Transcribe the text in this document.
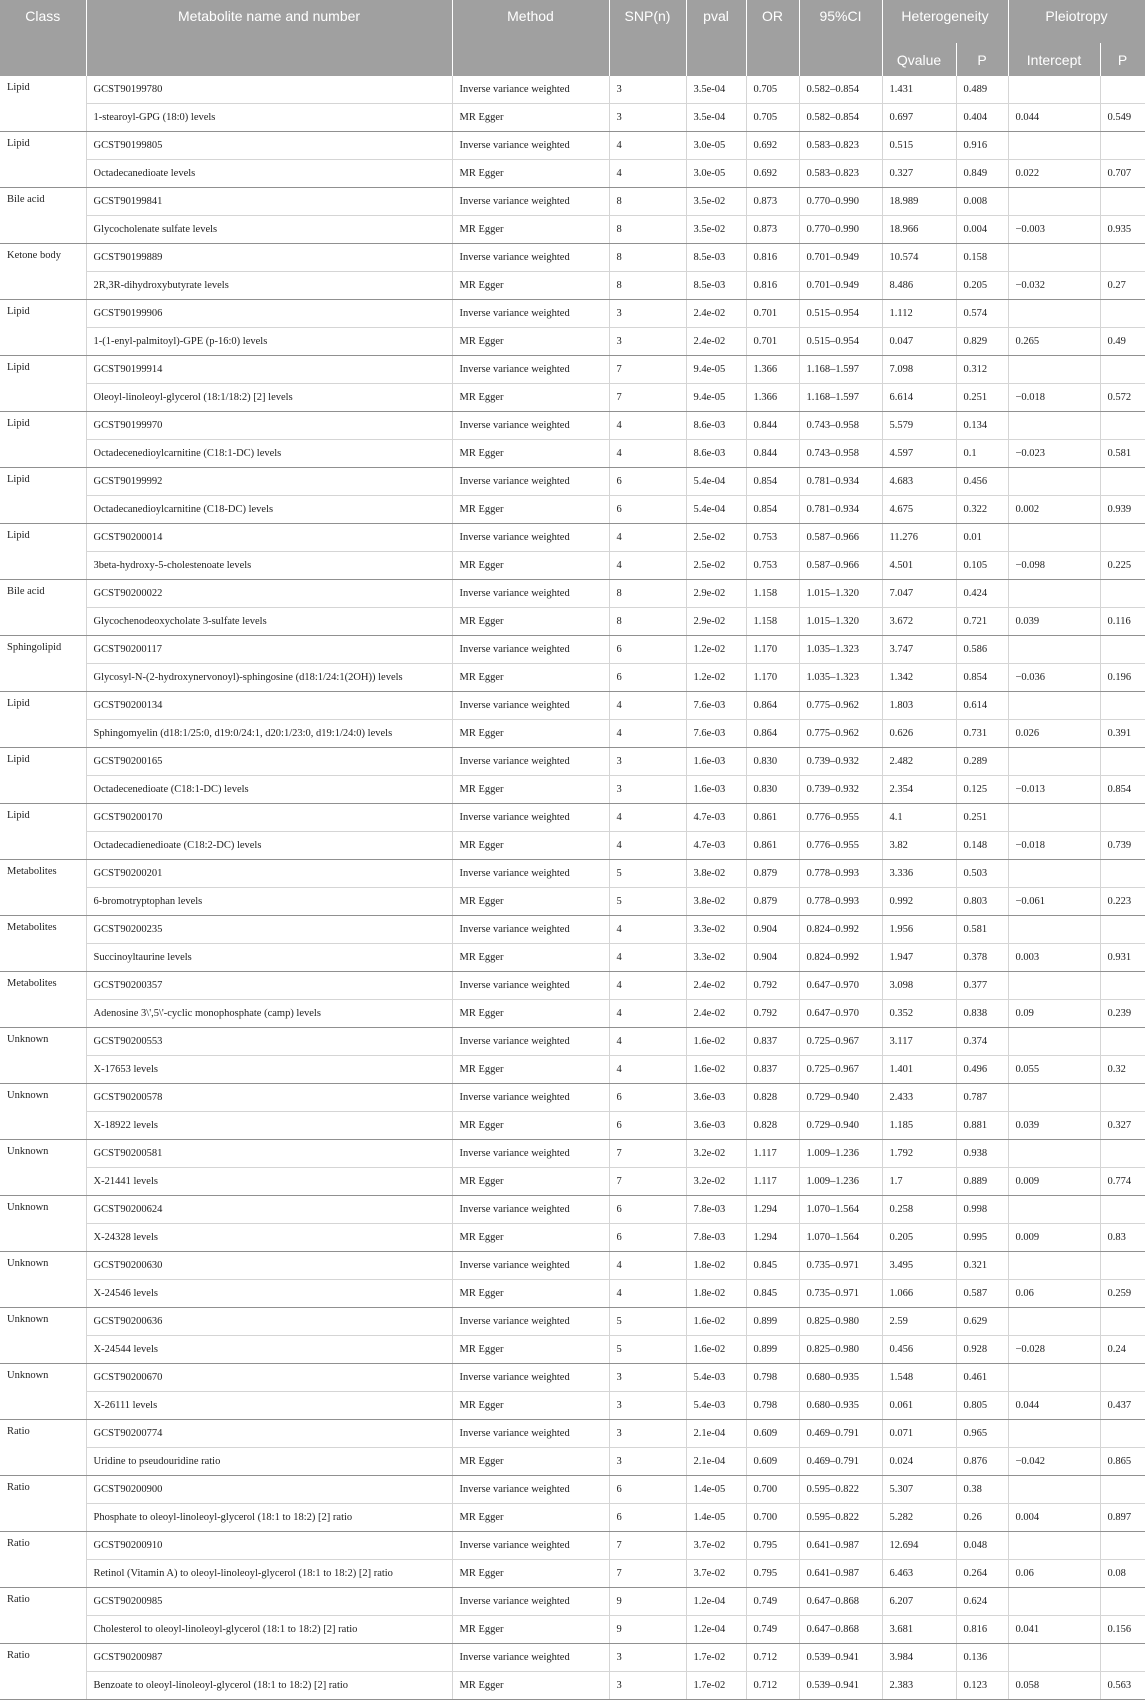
Class	Metabolite name and number	Method	SNP(n)	pval	OR	95%CI	Heterogeneity		Pleiotropy	
							Qvalue	P	Intercept	P
Lipid	GCST90199780	Inverse variance weighted	3	3.5e-04	0.705	0.582–0.854	1.431	0.489		
	1-stearoyl-GPG (18:0) levels	MR Egger	3	3.5e-04	0.705	0.582–0.854	0.697	0.404	0.044	0.549
Lipid	GCST90199805	Inverse variance weighted	4	3.0e-05	0.692	0.583–0.823	0.515	0.916		
	Octadecanedioate levels	MR Egger	4	3.0e-05	0.692	0.583–0.823	0.327	0.849	0.022	0.707
Bile acid	GCST90199841	Inverse variance weighted	8	3.5e-02	0.873	0.770–0.990	18.989	0.008		
	Glycocholenate sulfate levels	MR Egger	8	3.5e-02	0.873	0.770–0.990	18.966	0.004	−0.003	0.935
Ketone body	GCST90199889	Inverse variance weighted	8	8.5e-03	0.816	0.701–0.949	10.574	0.158		
	2R,3R-dihydroxybutyrate levels	MR Egger	8	8.5e-03	0.816	0.701–0.949	8.486	0.205	−0.032	0.27
Lipid	GCST90199906	Inverse variance weighted	3	2.4e-02	0.701	0.515–0.954	1.112	0.574		
	1-(1-enyl-palmitoyl)-GPE (p-16:0) levels	MR Egger	3	2.4e-02	0.701	0.515–0.954	0.047	0.829	0.265	0.49
Lipid	GCST90199914	Inverse variance weighted	7	9.4e-05	1.366	1.168–1.597	7.098	0.312		
	Oleoyl-linoleoyl-glycerol (18:1/18:2) [2] levels	MR Egger	7	9.4e-05	1.366	1.168–1.597	6.614	0.251	−0.018	0.572
Lipid	GCST90199970	Inverse variance weighted	4	8.6e-03	0.844	0.743–0.958	5.579	0.134		
	Octadecenedioylcarnitine (C18:1-DC) levels	MR Egger	4	8.6e-03	0.844	0.743–0.958	4.597	0.1	−0.023	0.581
Lipid	GCST90199992	Inverse variance weighted	6	5.4e-04	0.854	0.781–0.934	4.683	0.456		
	Octadecanedioylcarnitine (C18-DC) levels	MR Egger	6	5.4e-04	0.854	0.781–0.934	4.675	0.322	0.002	0.939
Lipid	GCST90200014	Inverse variance weighted	4	2.5e-02	0.753	0.587–0.966	11.276	0.01		
	3beta-hydroxy-5-cholestenoate levels	MR Egger	4	2.5e-02	0.753	0.587–0.966	4.501	0.105	−0.098	0.225
Bile acid	GCST90200022	Inverse variance weighted	8	2.9e-02	1.158	1.015–1.320	7.047	0.424		
	Glycochenodeoxycholate 3-sulfate levels	MR Egger	8	2.9e-02	1.158	1.015–1.320	3.672	0.721	0.039	0.116
Sphingolipid	GCST90200117	Inverse variance weighted	6	1.2e-02	1.170	1.035–1.323	3.747	0.586		
	Glycosyl-N-(2-hydroxynervonoyl)-sphingosine (d18:1/24:1(2OH)) levels	MR Egger	6	1.2e-02	1.170	1.035–1.323	1.342	0.854	−0.036	0.196
Lipid	GCST90200134	Inverse variance weighted	4	7.6e-03	0.864	0.775–0.962	1.803	0.614		
	Sphingomyelin (d18:1/25:0, d19:0/24:1, d20:1/23:0, d19:1/24:0) levels	MR Egger	4	7.6e-03	0.864	0.775–0.962	0.626	0.731	0.026	0.391
Lipid	GCST90200165	Inverse variance weighted	3	1.6e-03	0.830	0.739–0.932	2.482	0.289		
	Octadecenedioate (C18:1-DC) levels	MR Egger	3	1.6e-03	0.830	0.739–0.932	2.354	0.125	−0.013	0.854
Lipid	GCST90200170	Inverse variance weighted	4	4.7e-03	0.861	0.776–0.955	4.1	0.251		
	Octadecadienedioate (C18:2-DC) levels	MR Egger	4	4.7e-03	0.861	0.776–0.955	3.82	0.148	−0.018	0.739
Metabolites	GCST90200201	Inverse variance weighted	5	3.8e-02	0.879	0.778–0.993	3.336	0.503		
	6-bromotryptophan levels	MR Egger	5	3.8e-02	0.879	0.778–0.993	0.992	0.803	−0.061	0.223
Metabolites	GCST90200235	Inverse variance weighted	4	3.3e-02	0.904	0.824–0.992	1.956	0.581		
	Succinoyltaurine levels	MR Egger	4	3.3e-02	0.904	0.824–0.992	1.947	0.378	0.003	0.931
Metabolites	GCST90200357	Inverse variance weighted	4	2.4e-02	0.792	0.647–0.970	3.098	0.377		
	Adenosine 3\',5\'-cyclic monophosphate (camp) levels	MR Egger	4	2.4e-02	0.792	0.647–0.970	0.352	0.838	0.09	0.239
Unknown	GCST90200553	Inverse variance weighted	4	1.6e-02	0.837	0.725–0.967	3.117	0.374		
	X-17653 levels	MR Egger	4	1.6e-02	0.837	0.725–0.967	1.401	0.496	0.055	0.32
Unknown	GCST90200578	Inverse variance weighted	6	3.6e-03	0.828	0.729–0.940	2.433	0.787		
	X-18922 levels	MR Egger	6	3.6e-03	0.828	0.729–0.940	1.185	0.881	0.039	0.327
Unknown	GCST90200581	Inverse variance weighted	7	3.2e-02	1.117	1.009–1.236	1.792	0.938		
	X-21441 levels	MR Egger	7	3.2e-02	1.117	1.009–1.236	1.7	0.889	0.009	0.774
Unknown	GCST90200624	Inverse variance weighted	6	7.8e-03	1.294	1.070–1.564	0.258	0.998		
	X-24328 levels	MR Egger	6	7.8e-03	1.294	1.070–1.564	0.205	0.995	0.009	0.83
Unknown	GCST90200630	Inverse variance weighted	4	1.8e-02	0.845	0.735–0.971	3.495	0.321		
	X-24546 levels	MR Egger	4	1.8e-02	0.845	0.735–0.971	1.066	0.587	0.06	0.259
Unknown	GCST90200636	Inverse variance weighted	5	1.6e-02	0.899	0.825–0.980	2.59	0.629		
	X-24544 levels	MR Egger	5	1.6e-02	0.899	0.825–0.980	0.456	0.928	−0.028	0.24
Unknown	GCST90200670	Inverse variance weighted	3	5.4e-03	0.798	0.680–0.935	1.548	0.461		
	X-26111 levels	MR Egger	3	5.4e-03	0.798	0.680–0.935	0.061	0.805	0.044	0.437
Ratio	GCST90200774	Inverse variance weighted	3	2.1e-04	0.609	0.469–0.791	0.071	0.965		
	Uridine to pseudouridine ratio	MR Egger	3	2.1e-04	0.609	0.469–0.791	0.024	0.876	−0.042	0.865
Ratio	GCST90200900	Inverse variance weighted	6	1.4e-05	0.700	0.595–0.822	5.307	0.38		
	Phosphate to oleoyl-linoleoyl-glycerol (18:1 to 18:2) [2] ratio	MR Egger	6	1.4e-05	0.700	0.595–0.822	5.282	0.26	0.004	0.897
Ratio	GCST90200910	Inverse variance weighted	7	3.7e-02	0.795	0.641–0.987	12.694	0.048		
	Retinol (Vitamin A) to oleoyl-linoleoyl-glycerol (18:1 to 18:2) [2] ratio	MR Egger	7	3.7e-02	0.795	0.641–0.987	6.463	0.264	0.06	0.08
Ratio	GCST90200985	Inverse variance weighted	9	1.2e-04	0.749	0.647–0.868	6.207	0.624		
	Cholesterol to oleoyl-linoleoyl-glycerol (18:1 to 18:2) [2] ratio	MR Egger	9	1.2e-04	0.749	0.647–0.868	3.681	0.816	0.041	0.156
Ratio	GCST90200987	Inverse variance weighted	3	1.7e-02	0.712	0.539–0.941	3.984	0.136		
	Benzoate to oleoyl-linoleoyl-glycerol (18:1 to 18:2) [2] ratio	MR Egger	3	1.7e-02	0.712	0.539–0.941	2.383	0.123	0.058	0.563
